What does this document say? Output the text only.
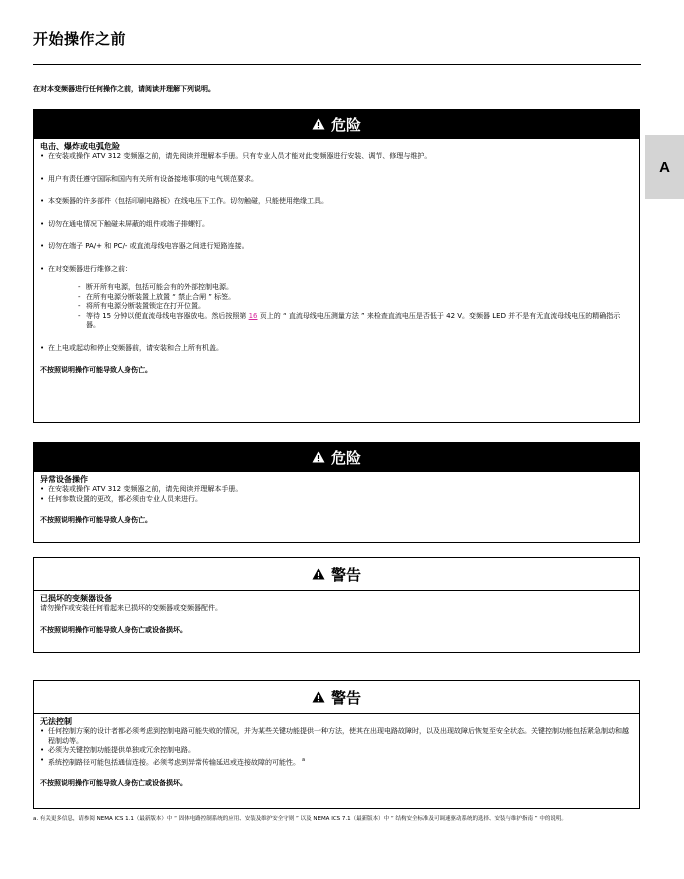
开始操作之前
在对本变频器进行任何操作之前，请阅读并理解下列说明。
A
危险
电击、爆炸或电弧危险
• 在安装或操作 ATV 312 变频器之前，请先阅读并理解本手册。只有专业人员才能对此变频器进行安装、调节、修理与维护。
• 用户有责任遵守国际和国内有关所有设备接地事项的电气规范要求。
• 本变频器的许多部件（包括印刷电路板）在线电压下工作。切勿触碰，只能使用绝缘工具。
• 切勿在通电情况下触碰未屏蔽的组件或端子排螺钉。
• 切勿在端子 PA/+ 和 PC/- 或直流母线电容器之间进行短路连接。
• 在对变频器进行维修之前：
- 断开所有电源，包括可能会有的外部控制电源。
- 在所有电源分断装置上放置 “ 禁止合闸 ” 标签。
- 将所有电源分断装置锁定在打开位置。
- 等待 15 分钟以便直流母线电容器放电。然后按照第 16 页上的 “ 直流母线电压测量方法 ” 来检查直流电压是否低于 42 V。变频器 LED 并不是有无直流母线电压的精确指示器。
• 在上电或起动和停止变频器前，请安装和合上所有机盖。
不按照说明操作可能导致人身伤亡。
危险
异常设备操作
• 在安装或操作 ATV 312 变频器之前，请先阅读并理解本手册。
• 任何参数设置的更改，都必须由专业人员来进行。
不按照说明操作可能导致人身伤亡。
警告
已损坏的变频器设备
请勿操作或安装任何看起来已损坏的变频器或变频器配件。
不按照说明操作可能导致人身伤亡或设备损坏。
警告
无法控制
• 任何控制方案的设计者都必须考虑到控制电路可能失败的情况，并为某些关键功能提供一种方法，使其在出现电路故障时，以及出现故障后恢复至安全状态。关键控制功能包括紧急制动和越程制动等。
• 必须为关键控制功能提供单独或冗余控制电路。
• 系统控制路径可能包括通信连接。必须考虑到异常传输延迟或连接故障的可能性。 $^a$
不按照说明操作可能导致人身伤亡或设备损坏。
a. 有关更多信息，请参阅 NEMA ICS 1.1（最新版本）中 “ 固体电路控制系统的应用、安装及维护安全守则 ” 以及 NEMA ICS 7.1（最新版本）中 “ 结构安全标准及可调速驱动系统的选择、安装与维护指南 ” 中的说明。
